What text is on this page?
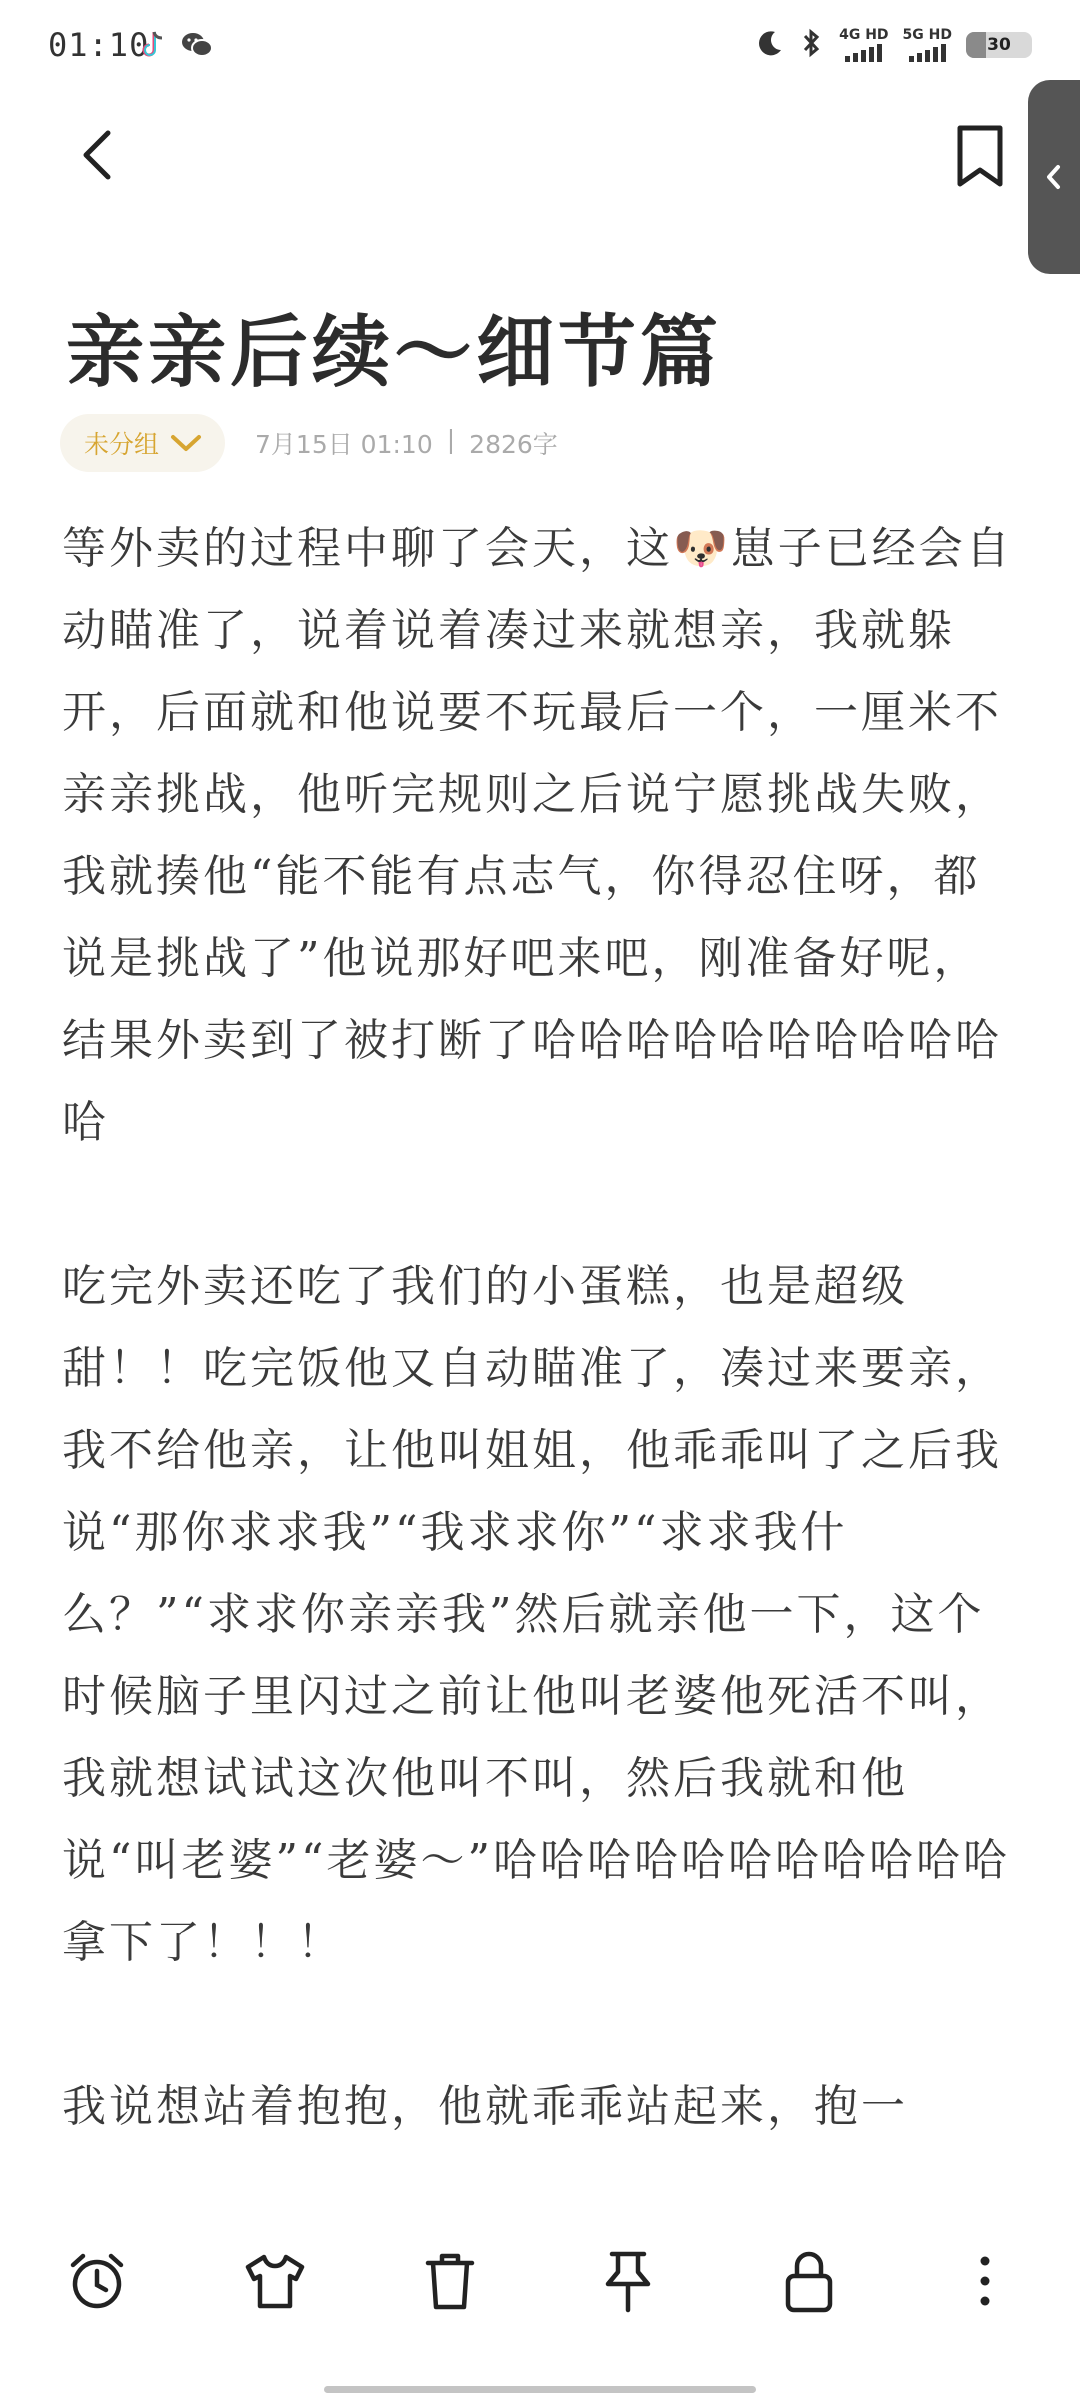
01:10	4G HD 5G HD	30
亲亲后续～细节篇
未分组	7月15日 01:10 | 2826字

等外卖的过程中聊了会天，这🐶崽子已经会自动瞄准了，说着说着凑过来就想亲，我就躲开，后面就和他说要不玩最后一个，一厘米不亲亲挑战，他听完规则之后说宁愿挑战失败，我就揍他“能不能有点志气，你得忍住呀，都说是挑战了”他说那好吧来吧，刚准备好呢，结果外卖到了被打断了哈哈哈哈哈哈哈哈哈哈哈

吃完外卖还吃了我们的小蛋糕，也是超级甜！！吃完饭他又自动瞄准了，凑过来要亲，我不给他亲，让他叫姐姐，他乖乖叫了之后我说“那你求求我”“我求求你”“求求我什么？”“求求你亲亲我”然后就亲他一下，这个时候脑子里闪过之前让他叫老婆他死活不叫，我就想试试这次他叫不叫，然后我就和他说“叫老婆”“老婆～”哈哈哈哈哈哈哈哈哈哈哈拿下了！！！

我说想站着抱抱，他就乖乖站起来，抱一
